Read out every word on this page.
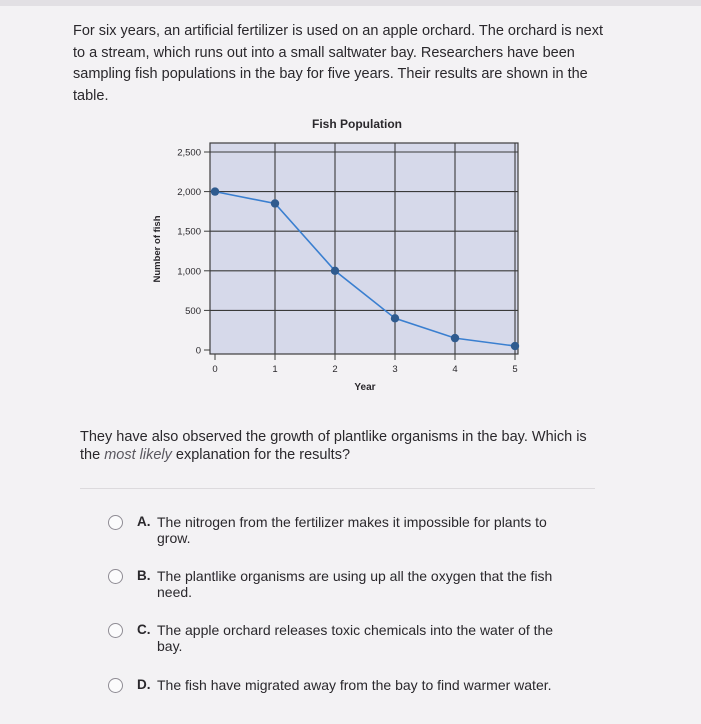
For six years, an artificial fertilizer is used on an apple orchard. The orchard is next to a stream, which runs out into a small saltwater bay. Researchers have been sampling fish populations in the bay for five years. Their results are shown in the table.
2,500
2,000
1,500
1,000
500
0
0	1	2	3	4	5
Fish Population
Year
Number of fish
They have also observed the growth of plantlike organisms in the bay. Which is the most likely explanation for the results?
A. The nitrogen from the fertilizer makes it impossible for plants to grow.
B. The plantlike organisms are using up all the oxygen that the fish need.
C. The apple orchard releases toxic chemicals into the water of the bay.
D. The fish have migrated away from the bay to find warmer water.
